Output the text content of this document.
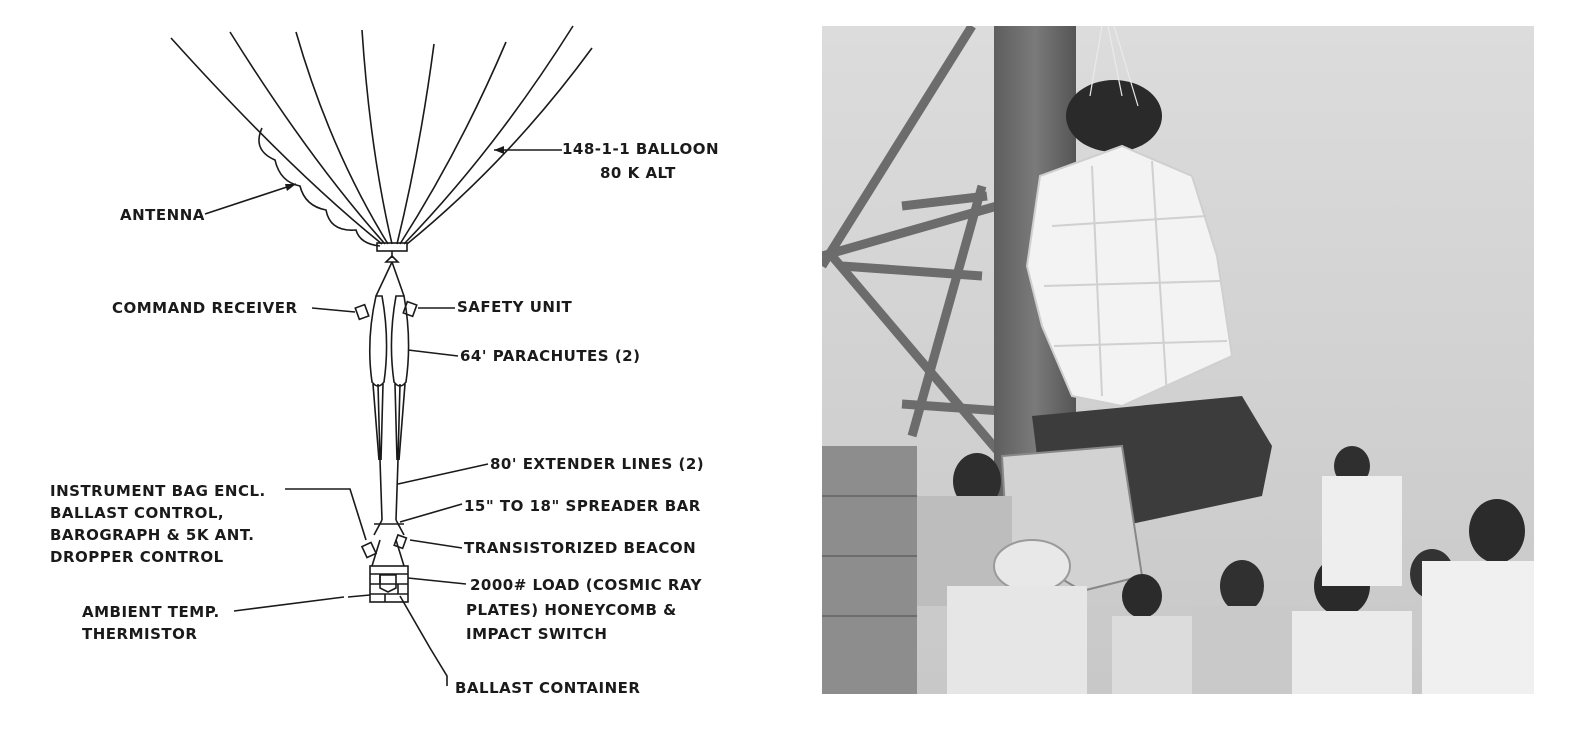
148-1-1 BALLOON
80 K ALT
ANTENNA
COMMAND RECEIVER	SAFETY UNIT
64' PARACHUTES (2)
80' EXTENDER LINES (2)
INSTRUMENT BAG ENCL.
BALLAST CONTROL,
BAROGRAPH & 5K ANT.
DROPPER CONTROL
15" TO 18" SPREADER BAR
TRANSISTORIZED BEACON
2000# LOAD (COSMIC RAY
PLATES) HONEYCOMB &
IMPACT SWITCH
AMBIENT TEMP.
THERMISTOR
BALLAST CONTAINER
